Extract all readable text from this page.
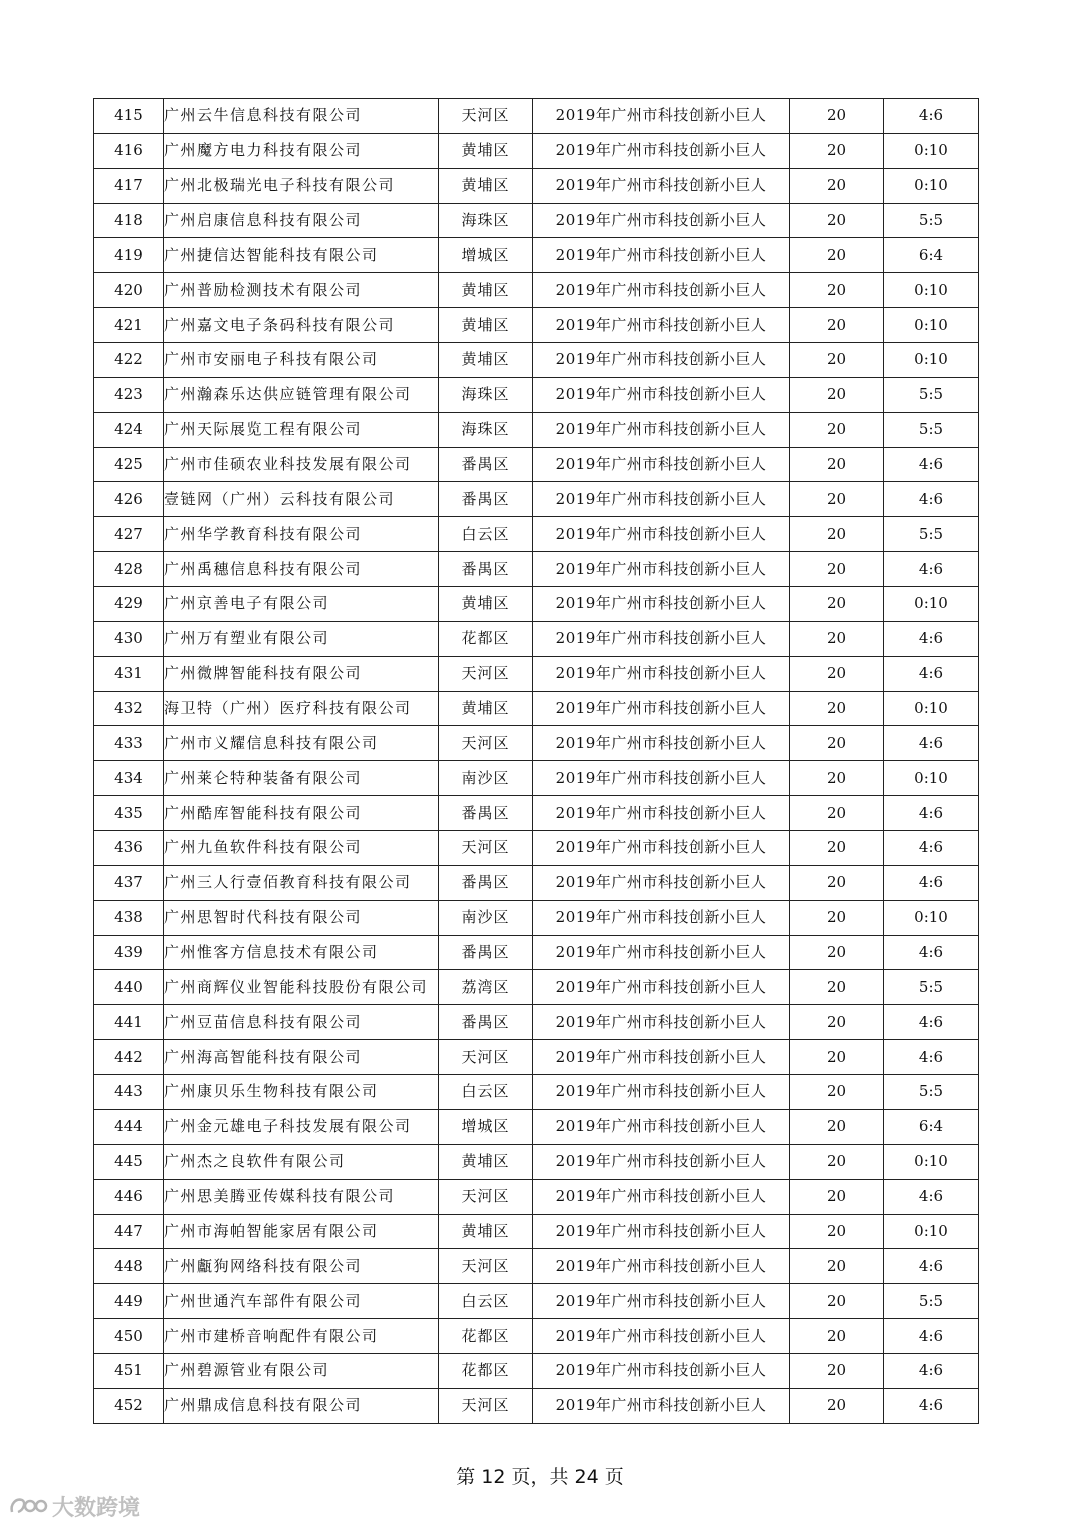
415	广州云牛信息科技有限公司	天河区	2019年广州市科技创新小巨人	20	4:6
416	广州魔方电力科技有限公司	黄埔区	2019年广州市科技创新小巨人	20	0:10
417	广州北极瑞光电子科技有限公司	黄埔区	2019年广州市科技创新小巨人	20	0:10
418	广州启康信息科技有限公司	海珠区	2019年广州市科技创新小巨人	20	5:5
419	广州捷信达智能科技有限公司	增城区	2019年广州市科技创新小巨人	20	6:4
420	广州普励检测技术有限公司	黄埔区	2019年广州市科技创新小巨人	20	0:10
421	广州嘉文电子条码科技有限公司	黄埔区	2019年广州市科技创新小巨人	20	0:10
422	广州市安丽电子科技有限公司	黄埔区	2019年广州市科技创新小巨人	20	0:10
423	广州瀚森乐达供应链管理有限公司	海珠区	2019年广州市科技创新小巨人	20	5:5
424	广州天际展览工程有限公司	海珠区	2019年广州市科技创新小巨人	20	5:5
425	广州市佳硕农业科技发展有限公司	番禺区	2019年广州市科技创新小巨人	20	4:6
426	壹链网（广州）云科技有限公司	番禺区	2019年广州市科技创新小巨人	20	4:6
427	广州华学教育科技有限公司	白云区	2019年广州市科技创新小巨人	20	5:5
428	广州禹穗信息科技有限公司	番禺区	2019年广州市科技创新小巨人	20	4:6
429	广州京善电子有限公司	黄埔区	2019年广州市科技创新小巨人	20	0:10
430	广州万有塑业有限公司	花都区	2019年广州市科技创新小巨人	20	4:6
431	广州微牌智能科技有限公司	天河区	2019年广州市科技创新小巨人	20	4:6
432	海卫特（广州）医疗科技有限公司	黄埔区	2019年广州市科技创新小巨人	20	0:10
433	广州市义耀信息科技有限公司	天河区	2019年广州市科技创新小巨人	20	4:6
434	广州莱仑特种装备有限公司	南沙区	2019年广州市科技创新小巨人	20	0:10
435	广州酷库智能科技有限公司	番禺区	2019年广州市科技创新小巨人	20	4:6
436	广州九鱼软件科技有限公司	天河区	2019年广州市科技创新小巨人	20	4:6
437	广州三人行壹佰教育科技有限公司	番禺区	2019年广州市科技创新小巨人	20	4:6
438	广州思智时代科技有限公司	南沙区	2019年广州市科技创新小巨人	20	0:10
439	广州惟客方信息技术有限公司	番禺区	2019年广州市科技创新小巨人	20	4:6
440	广州商辉仪业智能科技股份有限公司	荔湾区	2019年广州市科技创新小巨人	20	5:5
441	广州豆苗信息科技有限公司	番禺区	2019年广州市科技创新小巨人	20	4:6
442	广州海高智能科技有限公司	天河区	2019年广州市科技创新小巨人	20	4:6
443	广州康贝乐生物科技有限公司	白云区	2019年广州市科技创新小巨人	20	5:5
444	广州金元雄电子科技发展有限公司	增城区	2019年广州市科技创新小巨人	20	6:4
445	广州杰之良软件有限公司	黄埔区	2019年广州市科技创新小巨人	20	0:10
446	广州思美腾亚传媒科技有限公司	天河区	2019年广州市科技创新小巨人	20	4:6
447	广州市海帕智能家居有限公司	黄埔区	2019年广州市科技创新小巨人	20	0:10
448	广州甗狗网络科技有限公司	天河区	2019年广州市科技创新小巨人	20	4:6
449	广州世通汽车部件有限公司	白云区	2019年广州市科技创新小巨人	20	5:5
450	广州市建桥音响配件有限公司	花都区	2019年广州市科技创新小巨人	20	4:6
451	广州碧源管业有限公司	花都区	2019年广州市科技创新小巨人	20	4:6
452	广州鼎成信息科技有限公司	天河区	2019年广州市科技创新小巨人	20	4:6
第 12 页，共 24 页
大数跨境
